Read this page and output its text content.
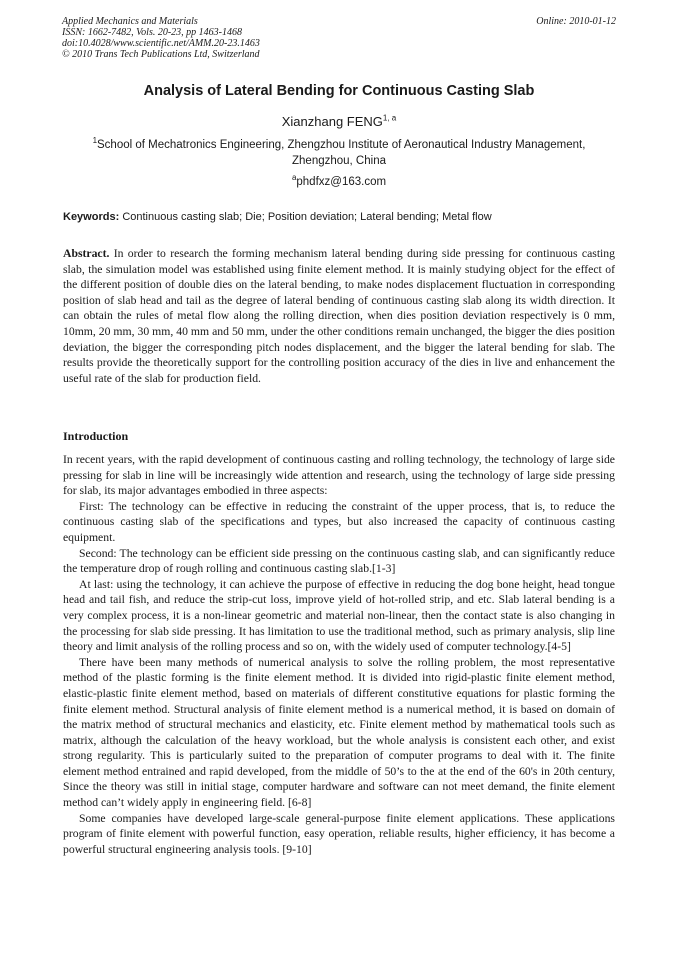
Applied Mechanics and Materials
ISSN: 1662-7482, Vols. 20-23, pp 1463-1468
doi:10.4028/www.scientific.net/AMM.20-23.1463
© 2010 Trans Tech Publications Ltd, Switzerland
Online: 2010-01-12
Analysis of Lateral Bending for Continuous Casting Slab
Xianzhang FENG$^{1, a}$
$^1$School of Mechatronics Engineering, Zhengzhou Institute of Aeronautical Industry Management, Zhengzhou, China
$^a$phdfxz@163.com
Keywords: Continuous casting slab; Die; Position deviation; Lateral bending; Metal flow

Abstract. In order to research the forming mechanism lateral bending during side pressing for continuous casting slab, the simulation model was established using finite element method. It is mainly studying object for the effect of the different position of double dies on the lateral bending, to make nodes displacement fluctuation in corresponding position of slab head and tail as the degree of lateral bending of continuous casting slab along its width direction. It can obtain the rules of metal flow along the rolling direction, when dies position deviation respectively is 0 mm, 10mm, 20 mm, 30 mm, 40 mm and 50 mm, under the other conditions remain unchanged, the bigger the dies position deviation, the bigger the corresponding pitch nodes displacement, and the bigger the lateral bending for slab. The results provide the theoretically support for the controlling position accuracy of the dies in live and enhancement the useful rate of the slab for production field.

Introduction

In recent years, with the rapid development of continuous casting and rolling technology, the technology of large side pressing for slab in line will be increasingly wide attention and research, using the technology of large side pressing for slab, its major advantages embodied in three aspects:

First: The technology can be effective in reducing the constraint of the upper process, that is, to reduce the continuous casting slab of the specifications and types, but also increased the capacity of continuous casting equipment.

Second: The technology can be efficient side pressing on the continuous casting slab, and can significantly reduce the temperature drop of rough rolling and continuous casting slab.[1-3]

At last: using the technology, it can achieve the purpose of effective in reducing the dog bone height, head tongue head and tail fish, and reduce the strip-cut loss, improve yield of hot-rolled strip, and etc. Slab lateral bending is a very complex process, it is a non-linear geometric and material non-linear, then the contact state is also changing in the processing for slab side pressing. It has limitation to use the traditional method, such as primary analysis, slip line theory and limit analysis of the rolling process and so on, with the widely used of computer technology.[4-5]

There have been many methods of numerical analysis to solve the rolling problem, the most representative method of the plastic forming is the finite element method. It is divided into rigid-plastic finite element method, elastic-plastic finite element method, based on materials of different constitutive equations for plastic forming the finite element method. Structural analysis of finite element method is a numerical method, it is based on domain of the matrix method of structural mechanics and elasticity, etc. Finite element method by mathematical tools such as matrix, although the calculation of the heavy workload, but the whole analysis is consistent each other, and exist strong regularity. This is particularly suited to the preparation of computer programs to deal with it. The finite element method entrained and rapid developed, from the middle of 50’s to the at the end of the 60's in 20th century, Since the theory was still in initial stage, computer hardware and software can not meet demand, the finite element method can’t widely apply in engineering field. [6-8]

Some companies have developed large-scale general-purpose finite element applications. These applications program of finite element with powerful function, easy operation, reliable results, higher efficiency, it has become a powerful structural engineering analysis tools. [9-10]
